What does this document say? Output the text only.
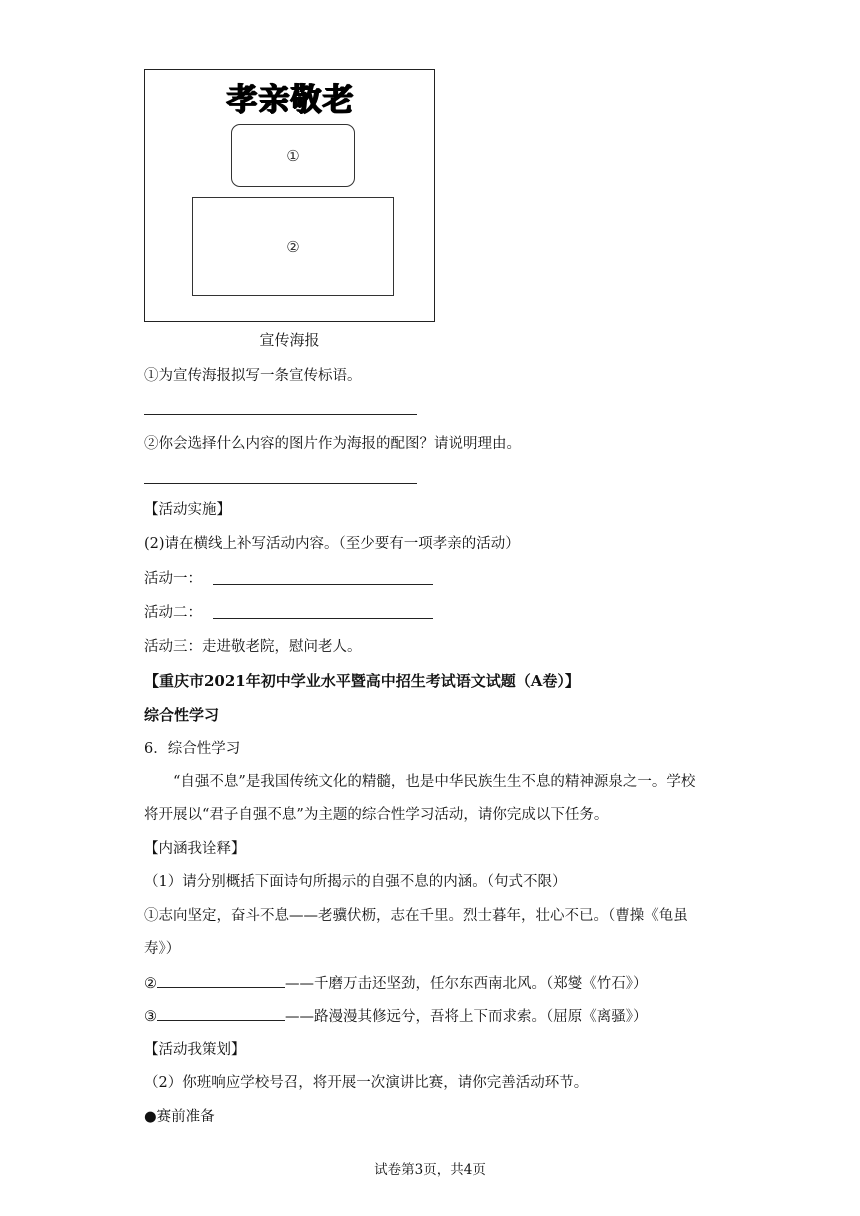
孝亲敬老
①
②
宣传海报
①为宣传海报拟写一条宣传标语。
②你会选择什么内容的图片作为海报的配图？请说明理由。
【活动实施】
(2)请在横线上补写活动内容。（至少要有一项孝亲的活动）
活动一：
活动二：
活动三：走进敬老院，慰问老人。
【重庆市2021年初中学业水平暨高中招生考试语文试题（A卷）】
综合性学习
6．综合性学习
“自强不息”是我国传统文化的精髓，也是中华民族生生不息的精神源泉之一。学校
将开展以“君子自强不息”为主题的综合性学习活动，请你完成以下任务。
【内涵我诠释】
（1）请分别概括下面诗句所揭示的自强不息的内涵。（句式不限）
①志向坚定，奋斗不息——老骥伏枥，志在千里。烈士暮年，壮心不已。（曹操《龟虽
寿》）
②	——千磨万击还坚劲，任尔东西南北风。（郑燮《竹石》）
③	——路漫漫其修远兮，吾将上下而求索。（屈原《离骚》）
【活动我策划】
（2）你班响应学校号召，将开展一次演讲比赛，请你完善活动环节。
●赛前准备
试卷第3页，共4页
